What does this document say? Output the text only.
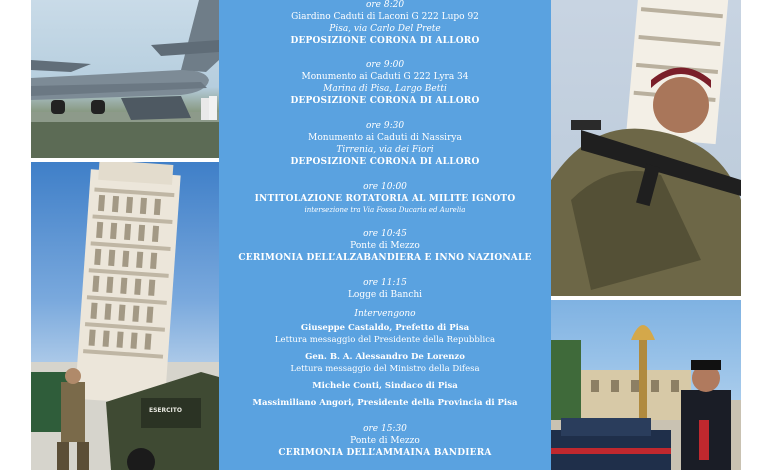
ESERCITO
ore 8:20
Giardino Caduti di Laconi G 222 Lupo 92
Pisa, via Carlo Del Prete
DEPOSIZIONE CORONA DI ALLORO
ore 9:00
Monumento ai Caduti G 222 Lyra 34
Marina di Pisa, Largo Betti
DEPOSIZIONE CORONA DI ALLORO
ore 9:30
Monumento ai Caduti di Nassirya
Tirrenia, via dei Fiori
DEPOSIZIONE CORONA DI ALLORO
ore 10:00
INTITOLAZIONE ROTATORIA AL MILITE IGNOTO
intersezione tra Via Fossa Ducaria ed Aurelia
ore 10:45
Ponte di Mezzo
CERIMONIA DELL’ALZABANDIERA E INNO NAZIONALE
ore 11:15
Logge di Banchi
Intervengono
Giuseppe Castaldo, Prefetto di Pisa
Lettura messaggio del Presidente della Repubblica
Gen. B. A. Alessandro De Lorenzo
Lettura messaggio del Ministro della Difesa
Michele Conti, Sindaco di Pisa
Massimiliano Angori, Presidente della Provincia di Pisa
ore 15:30
Ponte di Mezzo
CERIMONIA DELL’AMMAINA BANDIERA
